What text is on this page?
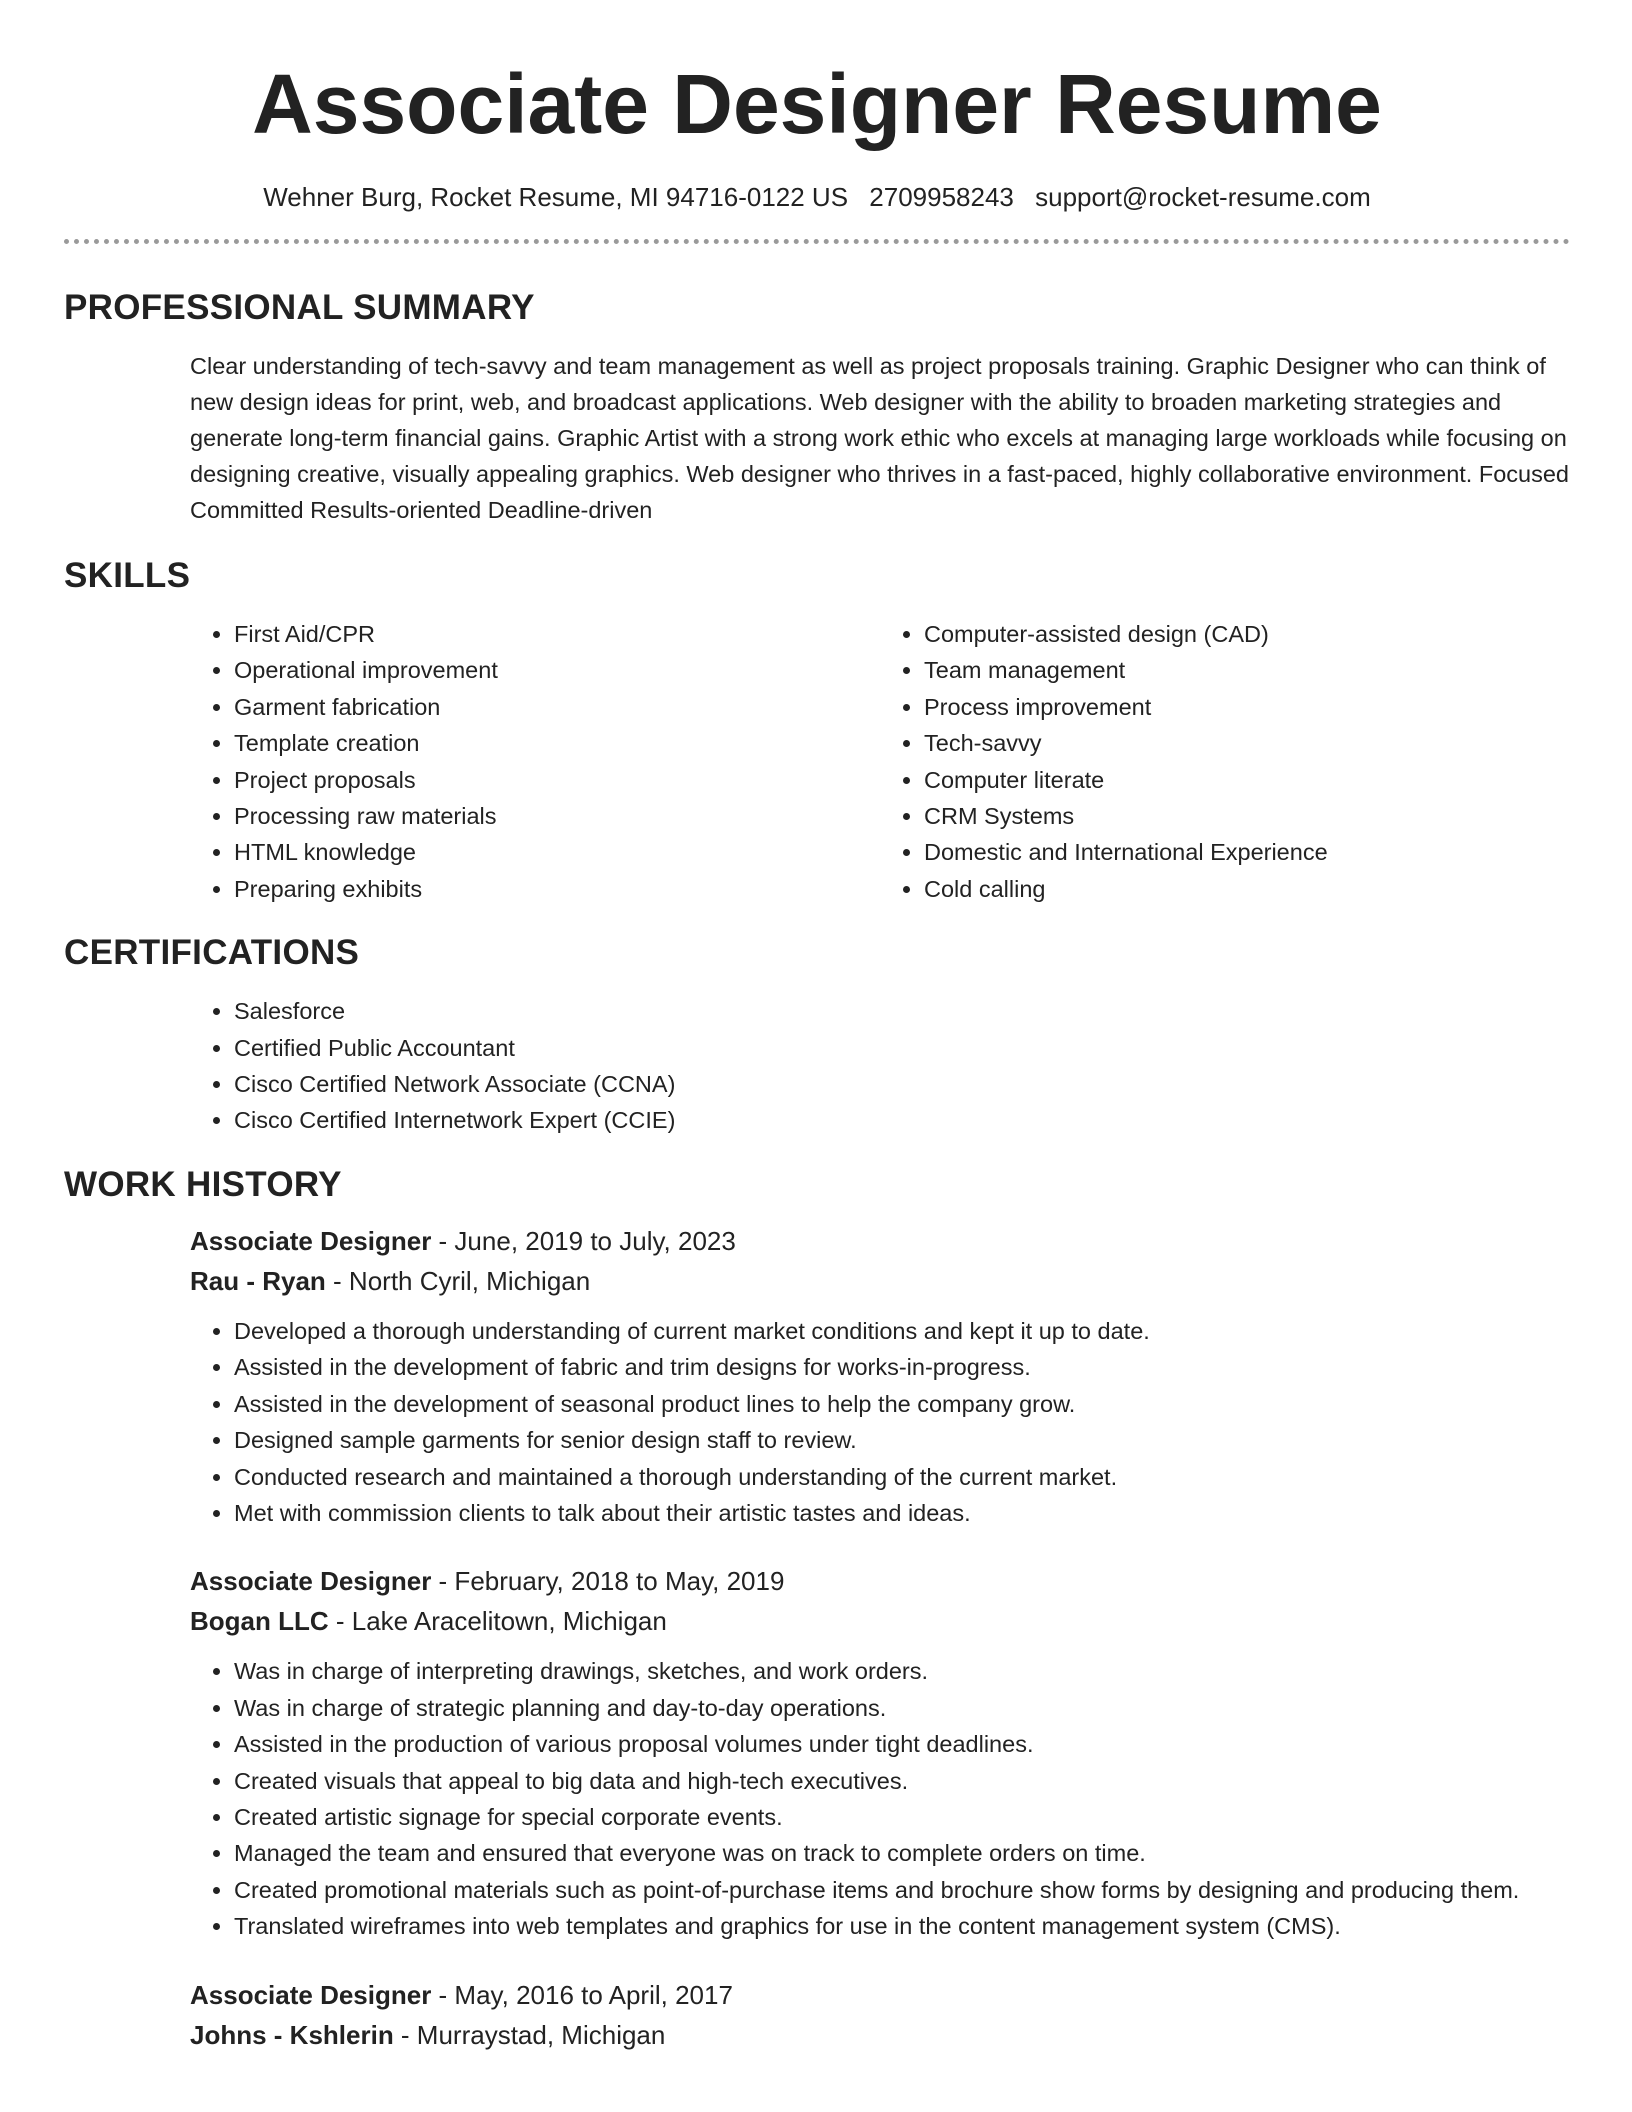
Associate Designer Resume
Wehner Burg, Rocket Resume, MI 94716-0122 US 2709958243 support@rocket-resume.com
PROFESSIONAL SUMMARY

Clear understanding of tech-savvy and team management as well as project proposals training. Graphic Designer who can think of new design ideas for print, web, and broadcast applications. Web designer with the ability to broaden marketing strategies and generate long-term financial gains. Graphic Artist with a strong work ethic who excels at managing large workloads while focusing on designing creative, visually appealing graphics. Web designer who thrives in a fast-paced, highly collaborative environment. Focused Committed Results-oriented Deadline-driven

SKILLS
• First Aid/CPR
• Operational improvement
• Garment fabrication
• Template creation
• Project proposals
• Processing raw materials
• HTML knowledge
• Preparing exhibits
• Computer-assisted design (CAD)
• Team management
• Process improvement
• Tech-savvy
• Computer literate
• CRM Systems
• Domestic and International Experience
• Cold calling
CERTIFICATIONS
• Salesforce
• Certified Public Accountant
• Cisco Certified Network Associate (CCNA)
• Cisco Certified Internetwork Expert (CCIE)
WORK HISTORY
Associate Designer - June, 2019 to July, 2023
Rau - Ryan - North Cyril, Michigan
• Developed a thorough understanding of current market conditions and kept it up to date.
• Assisted in the development of fabric and trim designs for works-in-progress.
• Assisted in the development of seasonal product lines to help the company grow.
• Designed sample garments for senior design staff to review.
• Conducted research and maintained a thorough understanding of the current market.
• Met with commission clients to talk about their artistic tastes and ideas.
Associate Designer - February, 2018 to May, 2019
Bogan LLC - Lake Aracelitown, Michigan
• Was in charge of interpreting drawings, sketches, and work orders.
• Was in charge of strategic planning and day-to-day operations.
• Assisted in the production of various proposal volumes under tight deadlines.
• Created visuals that appeal to big data and high-tech executives.
• Created artistic signage for special corporate events.
• Managed the team and ensured that everyone was on track to complete orders on time.
• Created promotional materials such as point-of-purchase items and brochure show forms by designing and producing them.
• Translated wireframes into web templates and graphics for use in the content management system (CMS).
Associate Designer - May, 2016 to April, 2017
Johns - Kshlerin - Murraystad, Michigan
